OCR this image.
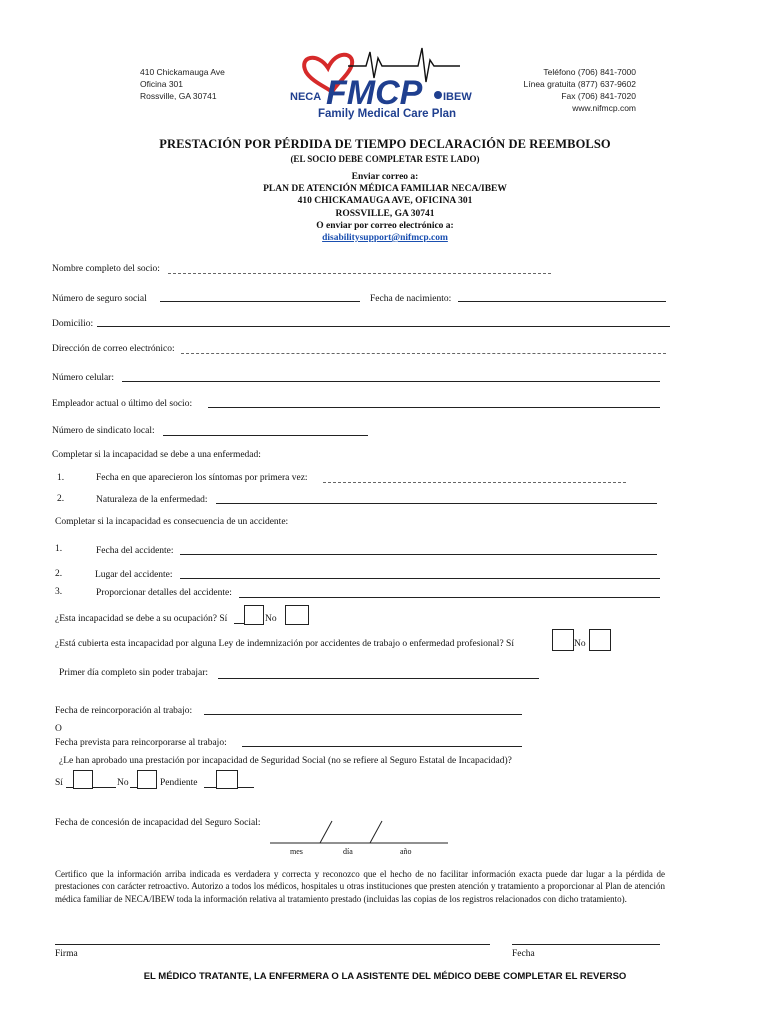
410 Chickamauga Ave
Oficina 301
Rossville, GA 30741	NECA FMCP IBEW
Family Medical Care Plan
Teléfono (706) 841-7000
Línea gratuita (877) 637-9602
Fax (706) 841-7020
www.nifmcp.com
PRESTACIÓN POR PÉRDIDA DE TIEMPO DECLARACIÓN DE REEMBOLSO
(EL SOCIO DEBE COMPLETAR ESTE LADO)
Enviar correo a:
PLAN DE ATENCIÓN MÉDICA FAMILIAR NECA/IBEW
410 CHICKAMAUGA AVE, OFICINA 301
ROSSVILLE, GA 30741
O enviar por correo electrónico a:
disabilitysupport@nifmcp.com
Nombre completo del socio:
Número de seguro social	Fecha de nacimiento:
Domicilio:
Dirección de correo electrónico:
Número celular:
Empleador actual o último del socio:
Número de sindicato local:
Completar si la incapacidad se debe a una enfermedad:
1.	Fecha en que aparecieron los síntomas por primera vez:
2.	Naturaleza de la enfermedad:
Completar si la incapacidad es consecuencia de un accidente:
1.	Fecha del accidente:
2.	Lugar del accidente:
3.	Proporcionar detalles del accidente:
¿Esta incapacidad se debe a su ocupación? Sí	No
¿Está cubierta esta incapacidad por alguna Ley de indemnización por accidentes de trabajo o enfermedad profesional? Sí	No
Primer día completo sin poder trabajar:
Fecha de reincorporación al trabajo:
O
Fecha prevista para reincorporarse al trabajo:
¿Le han aprobado una prestación por incapacidad de Seguridad Social (no se refiere al Seguro Estatal de Incapacidad)?
Sí	No	Pendiente
Fecha de concesión de incapacidad del Seguro Social:
mes	día	año
Certifico que la información arriba indicada es verdadera y correcta y reconozco que el hecho de no facilitar información exacta puede dar lugar a la pérdida de prestaciones con carácter retroactivo. Autorizo a todos los médicos, hospitales u otras instituciones que presten atención y tratamiento a proporcionar al Plan de atención médica familiar de NECA/IBEW toda la información relativa al tratamiento prestado (incluidas las copias de los registros relacionados con dicho tratamiento).
Firma	Fecha
EL MÉDICO TRATANTE, LA ENFERMERA O LA ASISTENTE DEL MÉDICO DEBE COMPLETAR EL REVERSO
